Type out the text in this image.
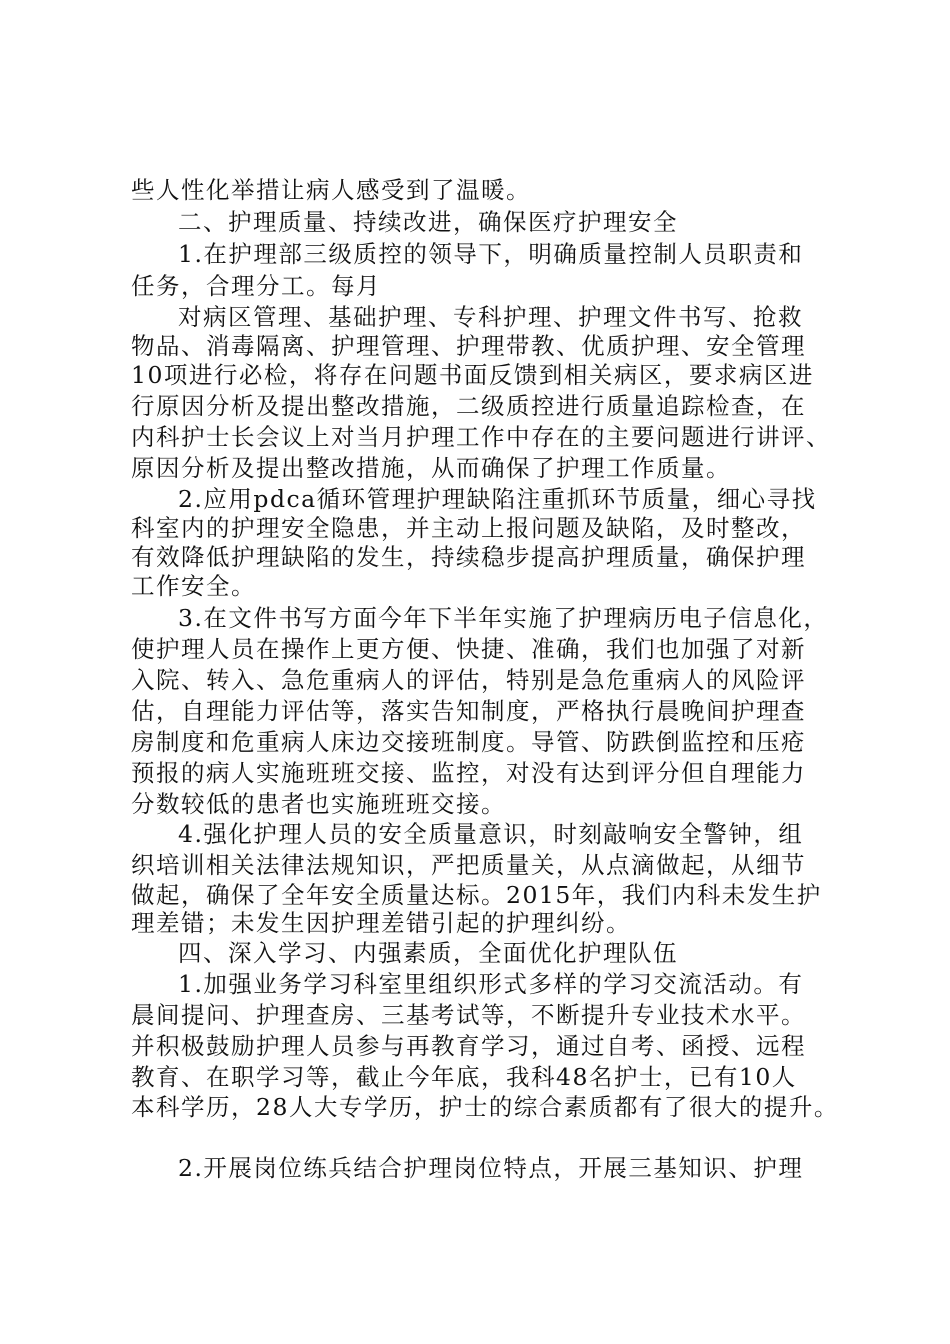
些人性化举措让病人感受到了温暖。
二、护理质量、持续改进，确保医疗护理安全
1.在护理部三级质控的领导下，明确质量控制人员职责和
任务，合理分工。每月
对病区管理、基础护理、专科护理、护理文件书写、抢救
物品、消毒隔离、护理管理、护理带教、优质护理、安全管理
10项进行必检，将存在问题书面反馈到相关病区，要求病区进
行原因分析及提出整改措施，二级质控进行质量追踪检查，在
内科护士长会议上对当月护理工作中存在的主要问题进行讲评、
原因分析及提出整改措施，从而确保了护理工作质量。
2.应用pdca循环管理护理缺陷注重抓环节质量，细心寻找
科室内的护理安全隐患，并主动上报问题及缺陷，及时整改，
有效降低护理缺陷的发生，持续稳步提高护理质量，确保护理
工作安全。
3.在文件书写方面今年下半年实施了护理病历电子信息化，
使护理人员在操作上更方便、快捷、准确，我们也加强了对新
入院、转入、急危重病人的评估，特别是急危重病人的风险评
估，自理能力评估等，落实告知制度，严格执行晨晚间护理查
房制度和危重病人床边交接班制度。导管、防跌倒监控和压疮
预报的病人实施班班交接、监控，对没有达到评分但自理能力
分数较低的患者也实施班班交接。
4.强化护理人员的安全质量意识，时刻敲响安全警钟，组
织培训相关法律法规知识，严把质量关，从点滴做起，从细节
做起，确保了全年安全质量达标。2015年，我们内科未发生护
理差错；未发生因护理差错引起的护理纠纷。
四、深入学习、内强素质，全面优化护理队伍
1.加强业务学习科室里组织形式多样的学习交流活动。有
晨间提问、护理查房、三基考试等，不断提升专业技术水平。
并积极鼓励护理人员参与再教育学习，通过自考、函授、远程
教育、在职学习等，截止今年底，我科48名护士，已有10人
本科学历，28人大专学历，护士的综合素质都有了很大的提升。
2.开展岗位练兵结合护理岗位特点，开展三基知识、护理
